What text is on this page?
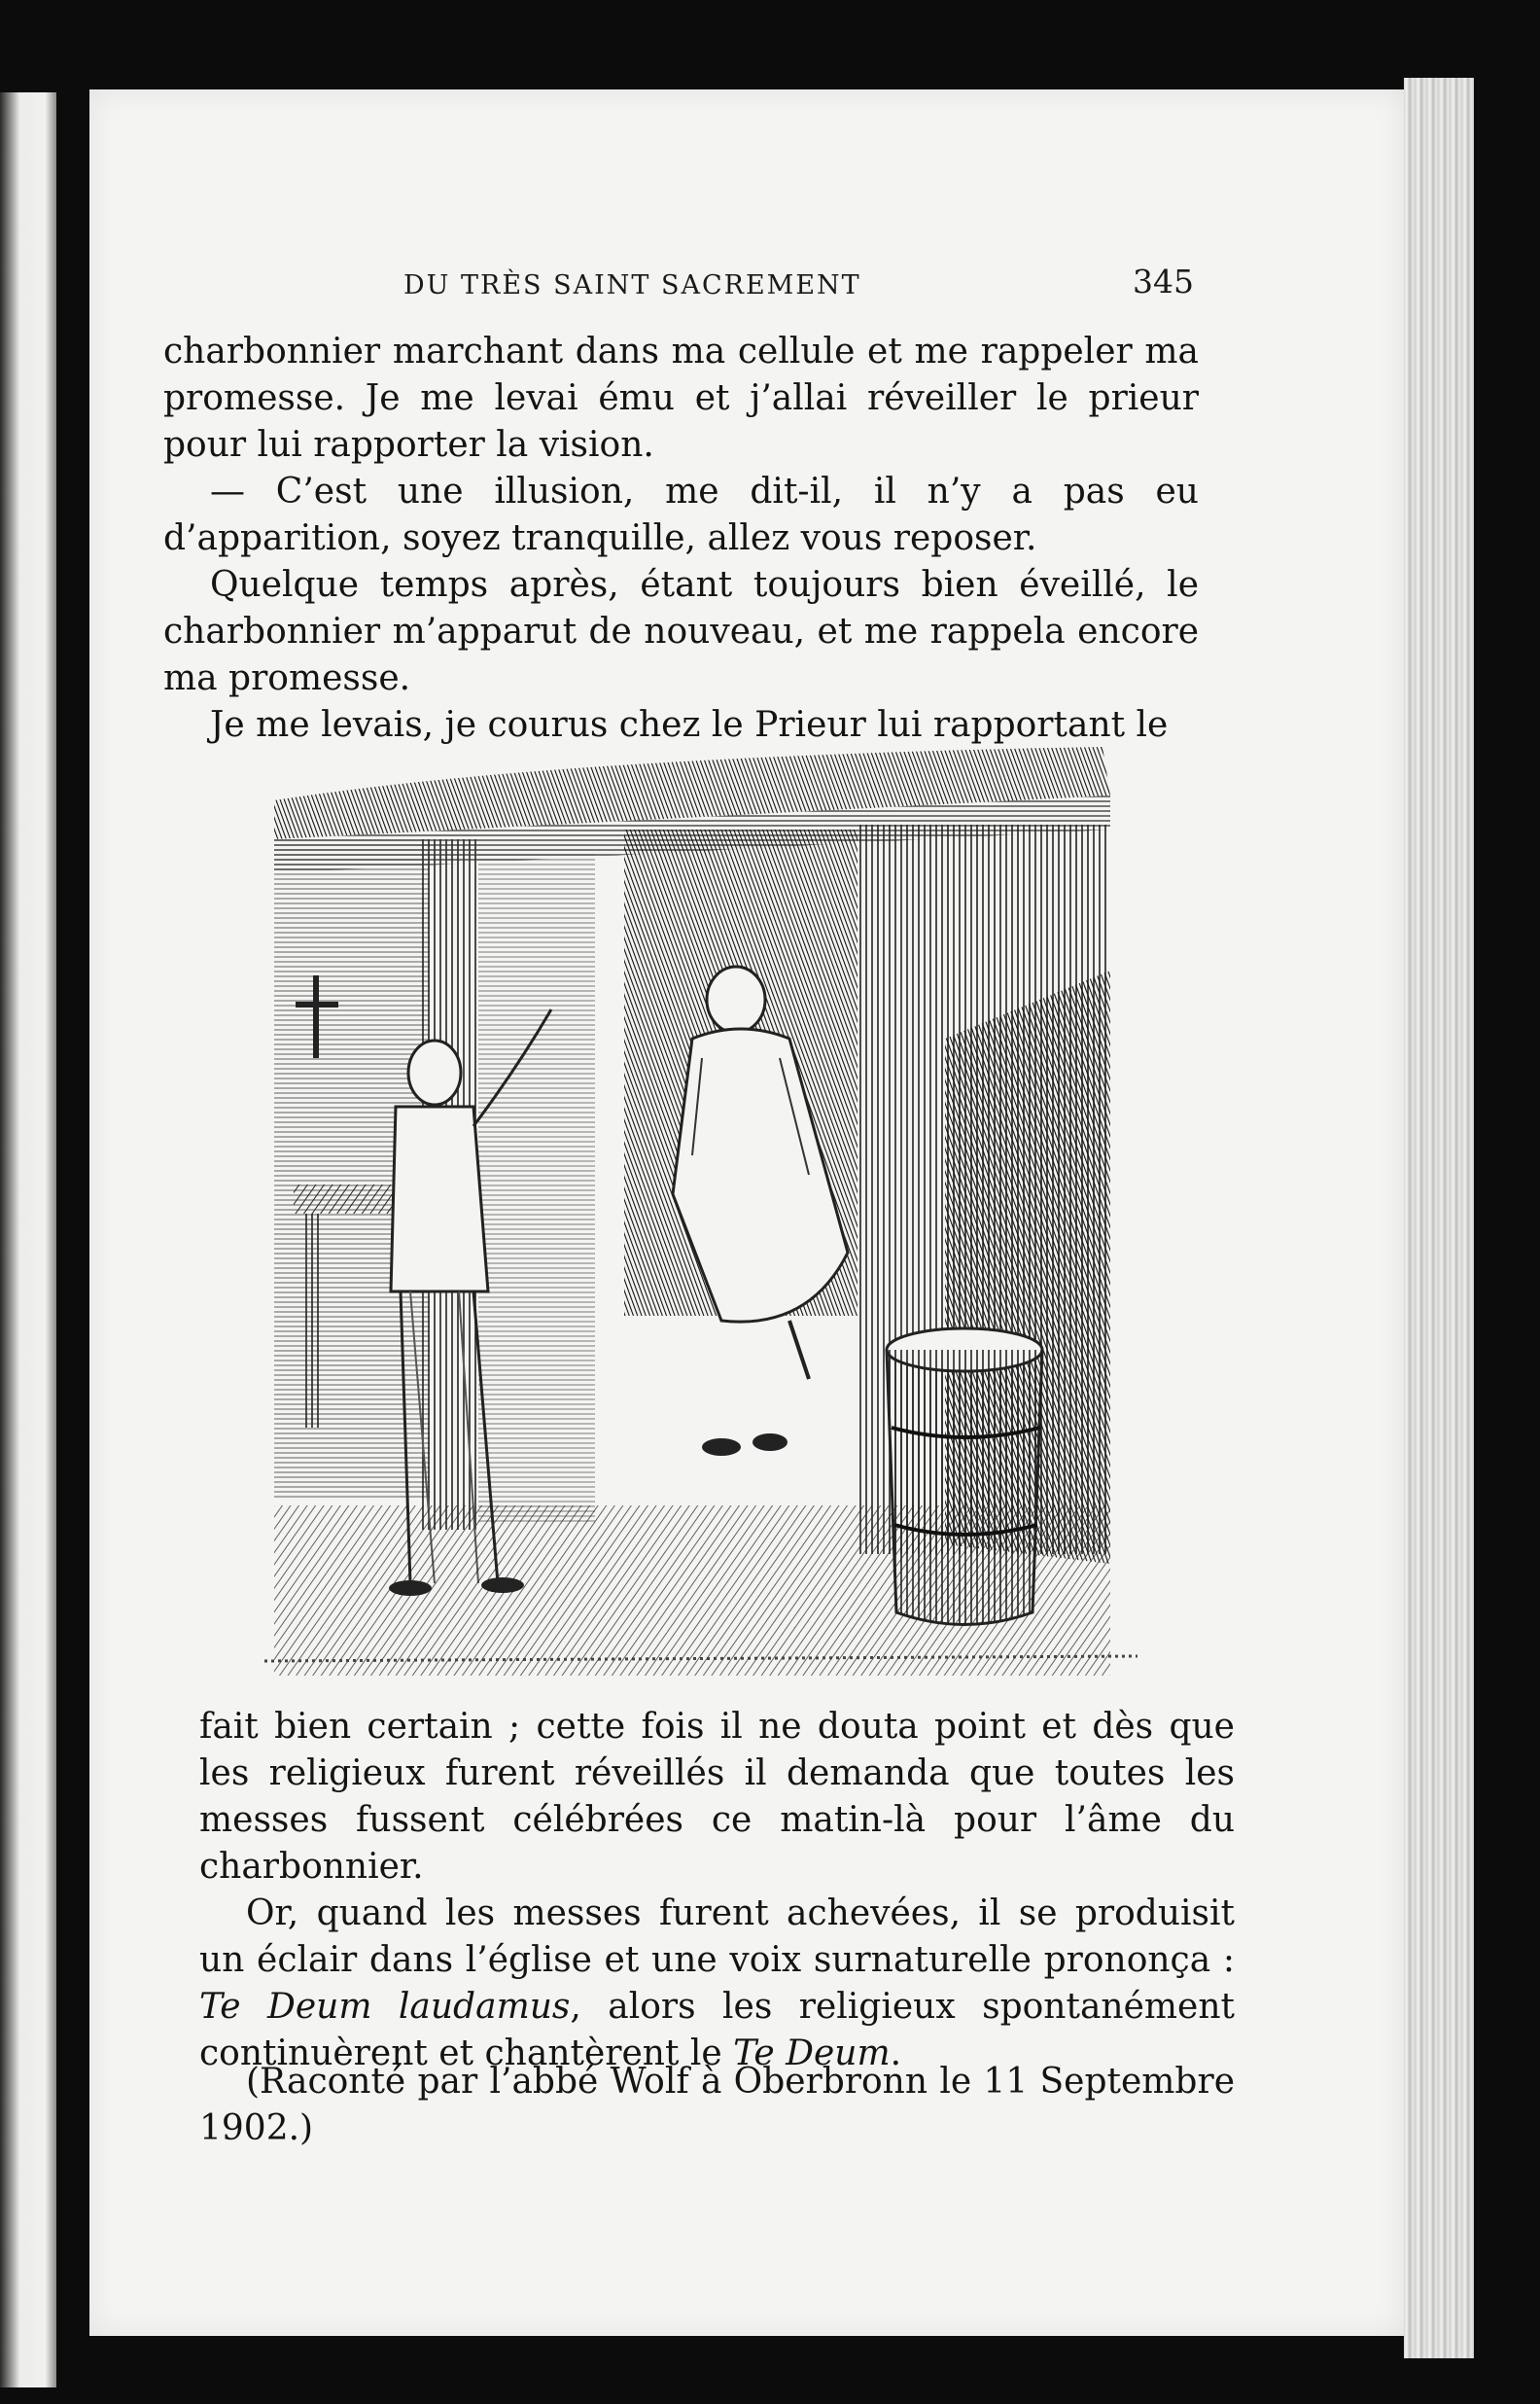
DU TRÈS SAINT SACREMENT	345

charbonnier marchant dans ma cellule et me rappeler ma promesse. Je me levai ému et j’allai réveiller le prieur pour lui rapporter la vision.

— C’est une illusion, me dit-il, il n’y a pas eu d’apparition, soyez tranquille, allez vous reposer.

Quelque temps après, étant toujours bien éveillé, le charbonnier m’apparut de nouveau, et me rappela encore ma promesse.

Je me levais, je courus chez le Prieur lui rapportant le

fait bien certain ; cette fois il ne douta point et dès que les religieux furent réveillés il demanda que toutes les messes fussent célébrées ce matin-là pour l’âme du charbonnier.

Or, quand les messes furent achevées, il se produisit un éclair dans l’église et une voix surnaturelle prononça : Te Deum laudamus, alors les religieux spontanément continuèrent et chantèrent le Te Deum.

(Raconté par l’abbé Wolf à Oberbronn le 11 Septembre 1902.)
